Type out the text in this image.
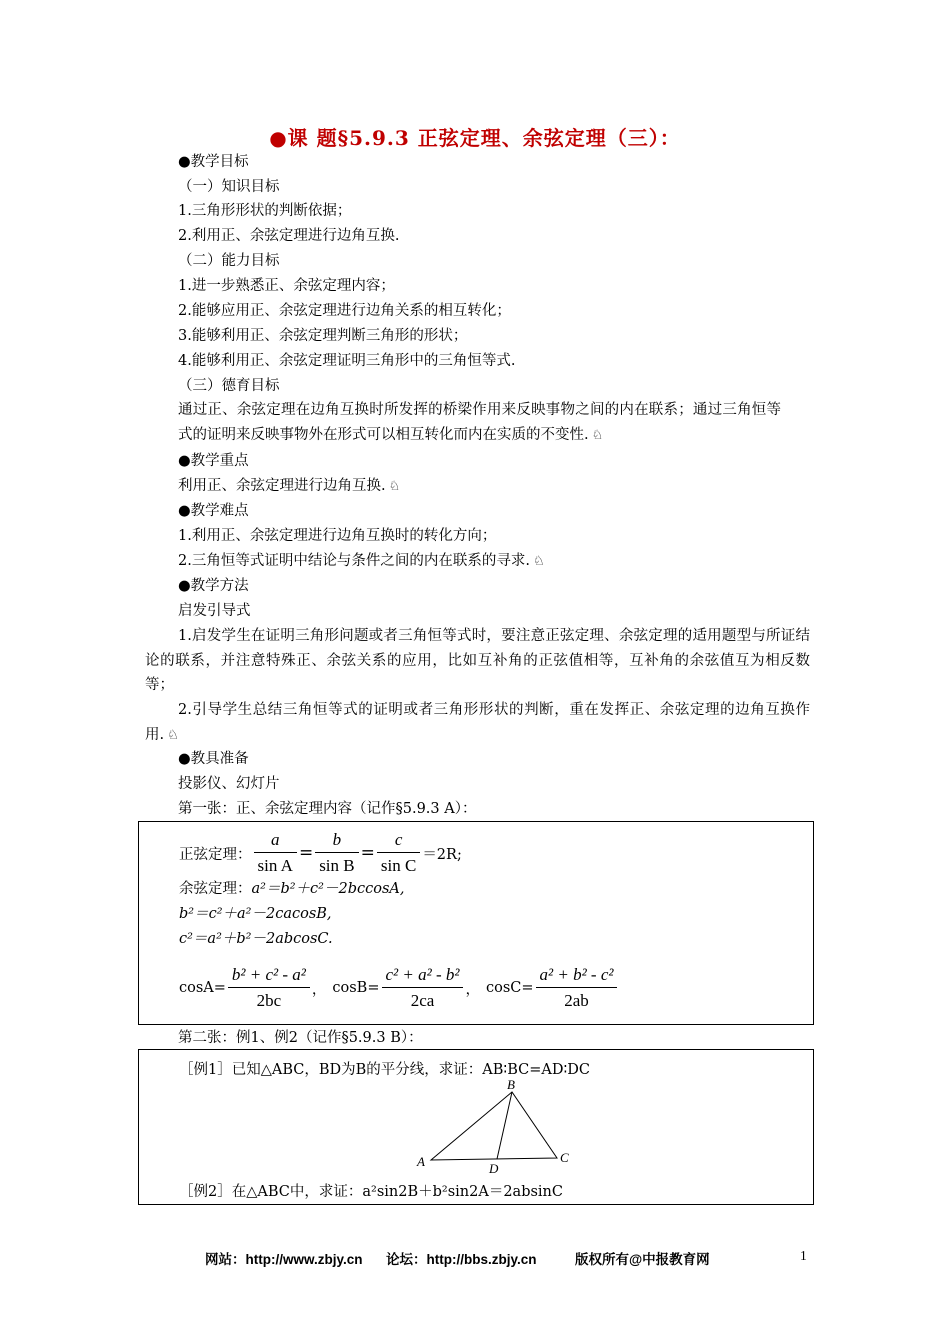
●课 题§5.9.3 正弦定理、余弦定理（三）：
●教学目标
（一）知识目标
1.三角形形状的判断依据；
2.利用正、余弦定理进行边角互换.
（二）能力目标
1.进一步熟悉正、余弦定理内容；
2.能够应用正、余弦定理进行边角关系的相互转化；
3.能够利用正、余弦定理判断三角形的形状；
4.能够利用正、余弦定理证明三角形中的三角恒等式.
（三）德育目标
通过正、余弦定理在边角互换时所发挥的桥梁作用来反映事物之间的内在联系；通过三角恒等式的证明来反映事物外在形式可以相互转化而内在实质的不变性. ♘
●教学重点
利用正、余弦定理进行边角互换. ♘
●教学难点
1.利用正、余弦定理进行边角互换时的转化方向；
2.三角恒等式证明中结论与条件之间的内在联系的寻求. ♘
●教学方法
启发引导式
1.启发学生在证明三角形问题或者三角恒等式时，要注意正弦定理、余弦定理的适用题型与所证结论的联系，并注意特殊正、余弦关系的应用，比如互补角的正弦值相等，互补角的余弦值互为相反数等；
2.引导学生总结三角恒等式的证明或者三角形形状的判断，重在发挥正、余弦定理的边角互换作用. ♘
●教具准备
投影仪、幻灯片
第一张：正、余弦定理内容（记作§5.9.3 A）：
正弦定理： $\frac{a}{\text{sin A}} = \frac{b}{\text{sin B}} = \frac{c}{\text{sin C}} =2R$;
余弦定理：a²＝b²＋c²－2bccosA,
b²＝c²＋a²－2cacosB,
c²＝a²＋b²－2abcosC.
$\cos A= \frac{\text{b² + c² - a²}}{2bc}$ ， $\cos B= \frac{\text{c² + a² - b²}}{2ca}$ ， $\cos C= \frac{\text{a² + b² - c²}}{2ab}$
第二张：例1、例2（记作§5.9.3 B）：
［例1］已知△ABC，BD为B的平分线，求证：AB∶BC=AD∶DC
A
B
C
D
［例2］在△ABC中，求证：a²sin2B＋b²sin2A＝2absinC
网站：http://www.zbjy.cn 论坛：http://bbs.zbjy.cn	版权所有@中报教育网	1
